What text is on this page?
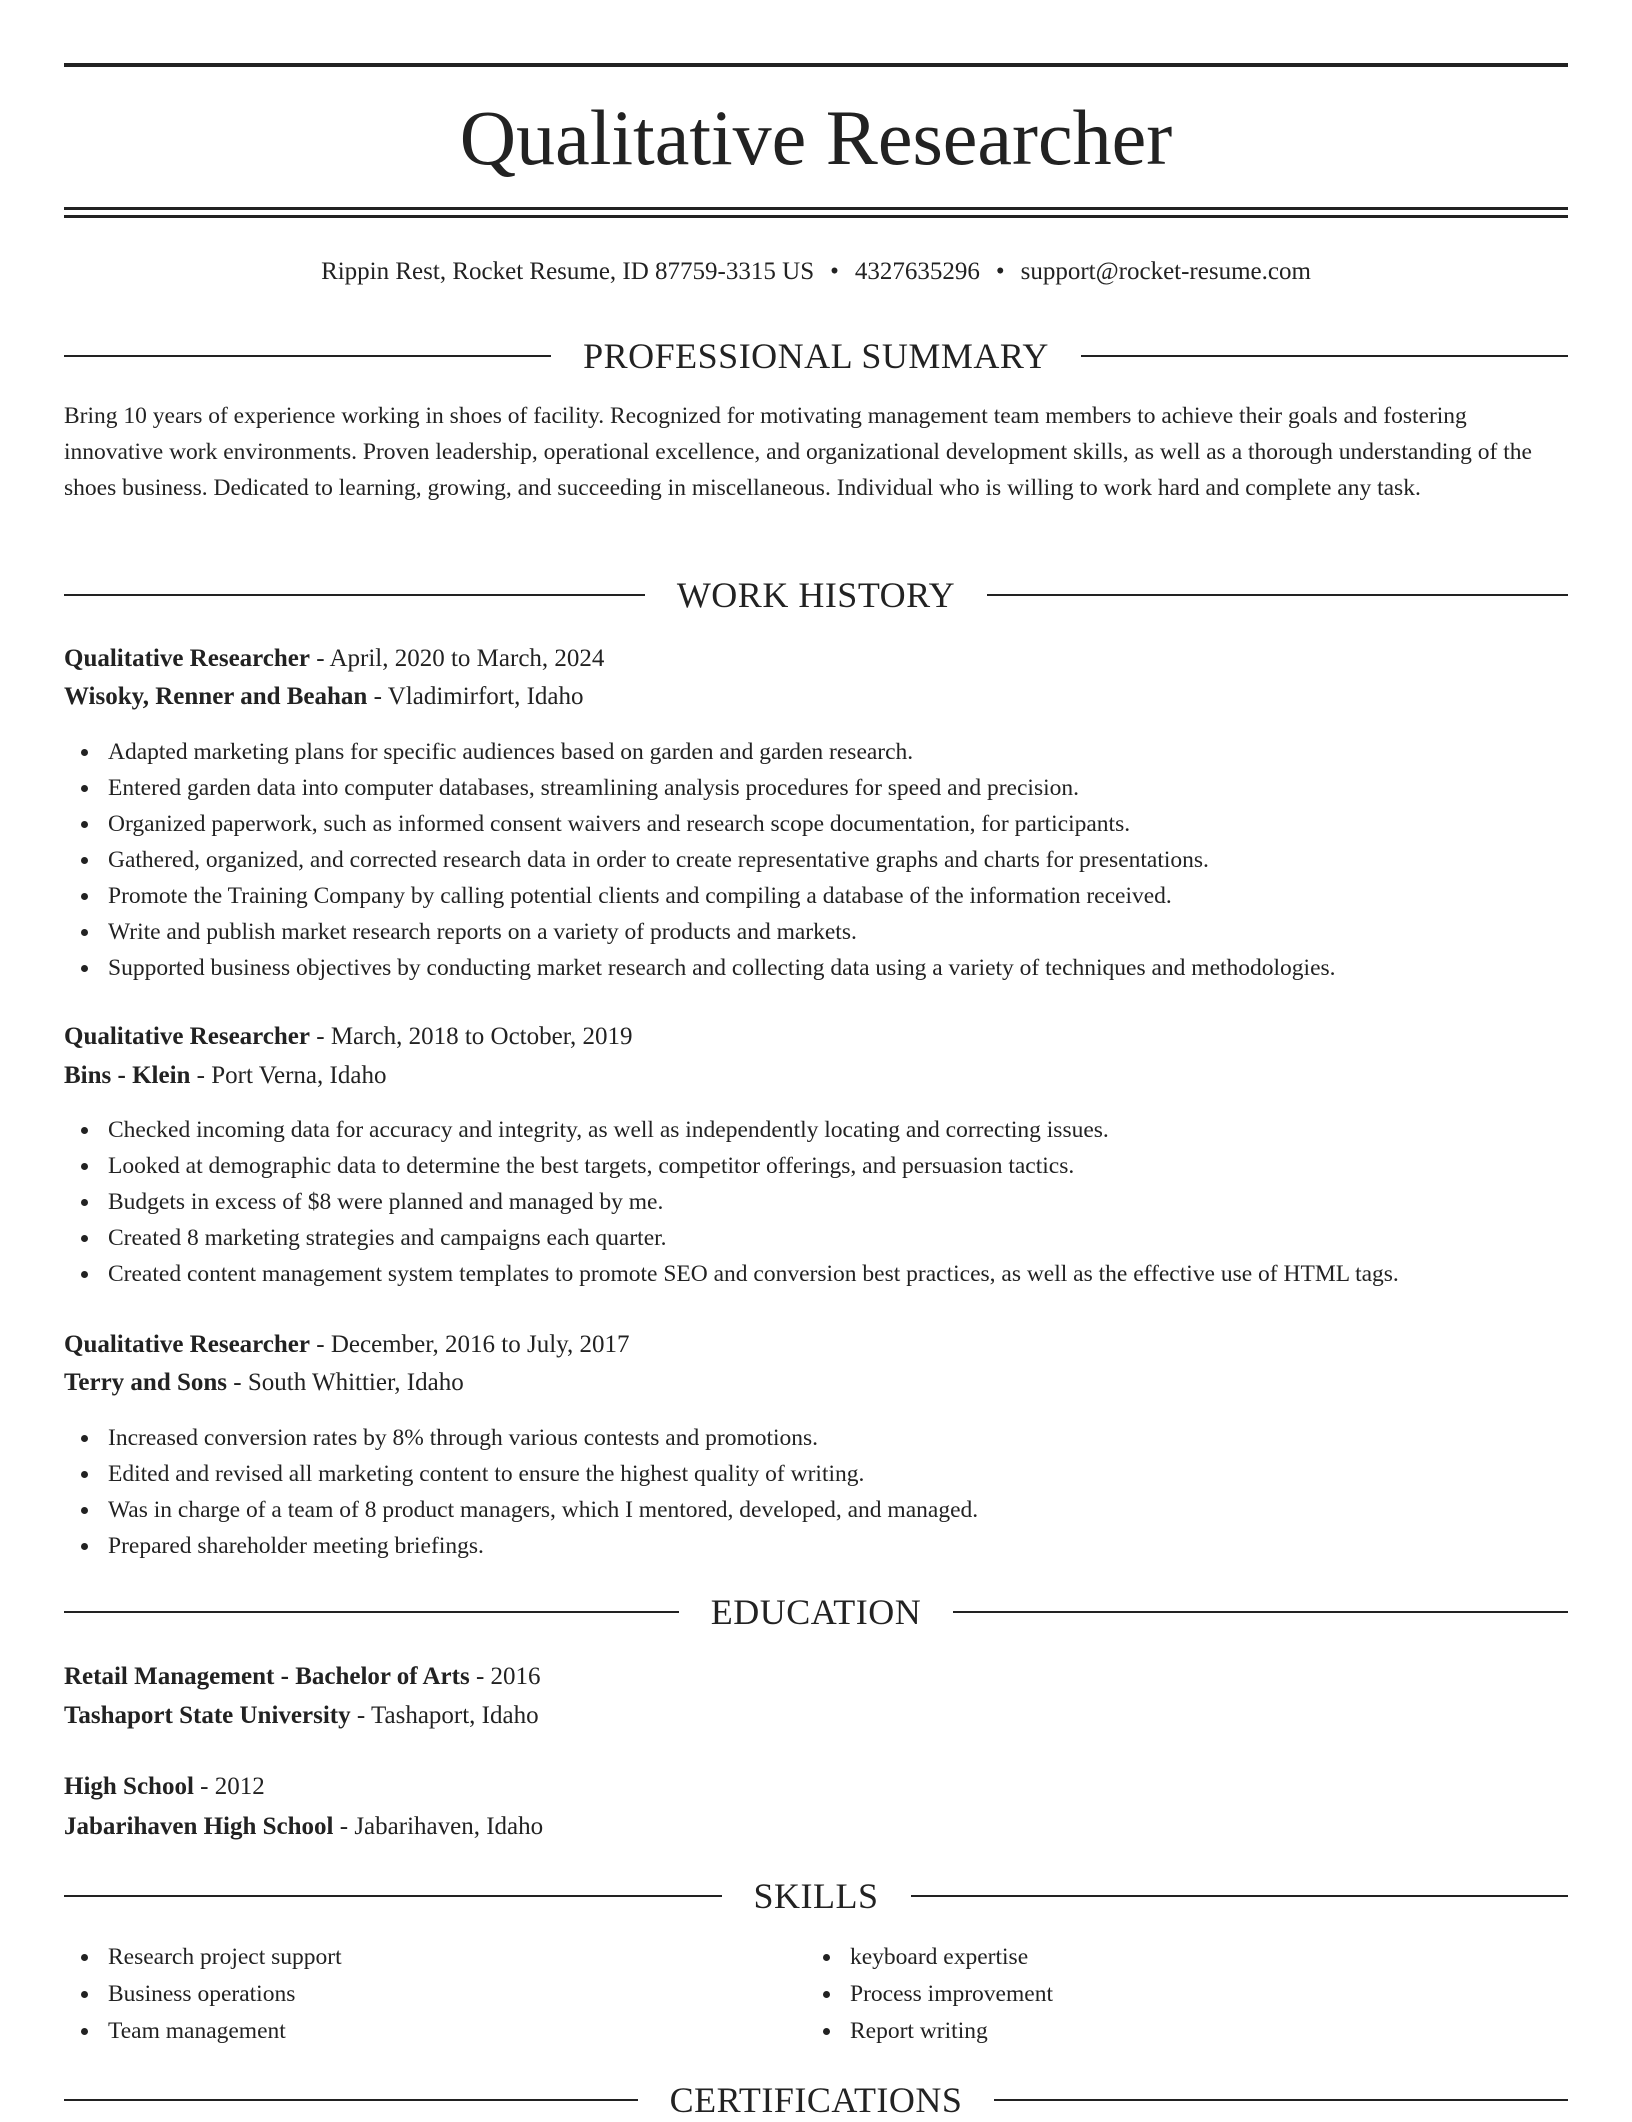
Qualitative Researcher
Rippin Rest, Rocket Resume, ID 87759-3315 US • 4327635296 • support@rocket-resume.com
PROFESSIONAL SUMMARY

Bring 10 years of experience working in shoes of facility. Recognized for motivating management team members to achieve their goals and fostering innovative work environments. Proven leadership, operational excellence, and organizational development skills, as well as a thorough understanding of the shoes business. Dedicated to learning, growing, and succeeding in miscellaneous. Individual who is willing to work hard and complete any task.

WORK HISTORY
Qualitative Researcher - April, 2020 to March, 2024
Wisoky, Renner and Beahan - Vladimirfort, Idaho
Adapted marketing plans for specific audiences based on garden and garden research.
Entered garden data into computer databases, streamlining analysis procedures for speed and precision.
Organized paperwork, such as informed consent waivers and research scope documentation, for participants.
Gathered, organized, and corrected research data in order to create representative graphs and charts for presentations.
Promote the Training Company by calling potential clients and compiling a database of the information received.
Write and publish market research reports on a variety of products and markets.
Supported business objectives by conducting market research and collecting data using a variety of techniques and methodologies.
Qualitative Researcher - March, 2018 to October, 2019
Bins - Klein - Port Verna, Idaho
Checked incoming data for accuracy and integrity, as well as independently locating and correcting issues.
Looked at demographic data to determine the best targets, competitor offerings, and persuasion tactics.
Budgets in excess of $8 were planned and managed by me.
Created 8 marketing strategies and campaigns each quarter.
Created content management system templates to promote SEO and conversion best practices, as well as the effective use of HTML tags.
Qualitative Researcher - December, 2016 to July, 2017
Terry and Sons - South Whittier, Idaho
Increased conversion rates by 8% through various contests and promotions.
Edited and revised all marketing content to ensure the highest quality of writing.
Was in charge of a team of 8 product managers, which I mentored, developed, and managed.
Prepared shareholder meeting briefings.
EDUCATION
Retail Management - Bachelor of Arts - 2016
Tashaport State University - Tashaport, Idaho
High School - 2012
Jabarihaven High School - Jabarihaven, Idaho
SKILLS
Research project support
Business operations
Team management
keyboard expertise
Process improvement
Report writing
CERTIFICATIONS
